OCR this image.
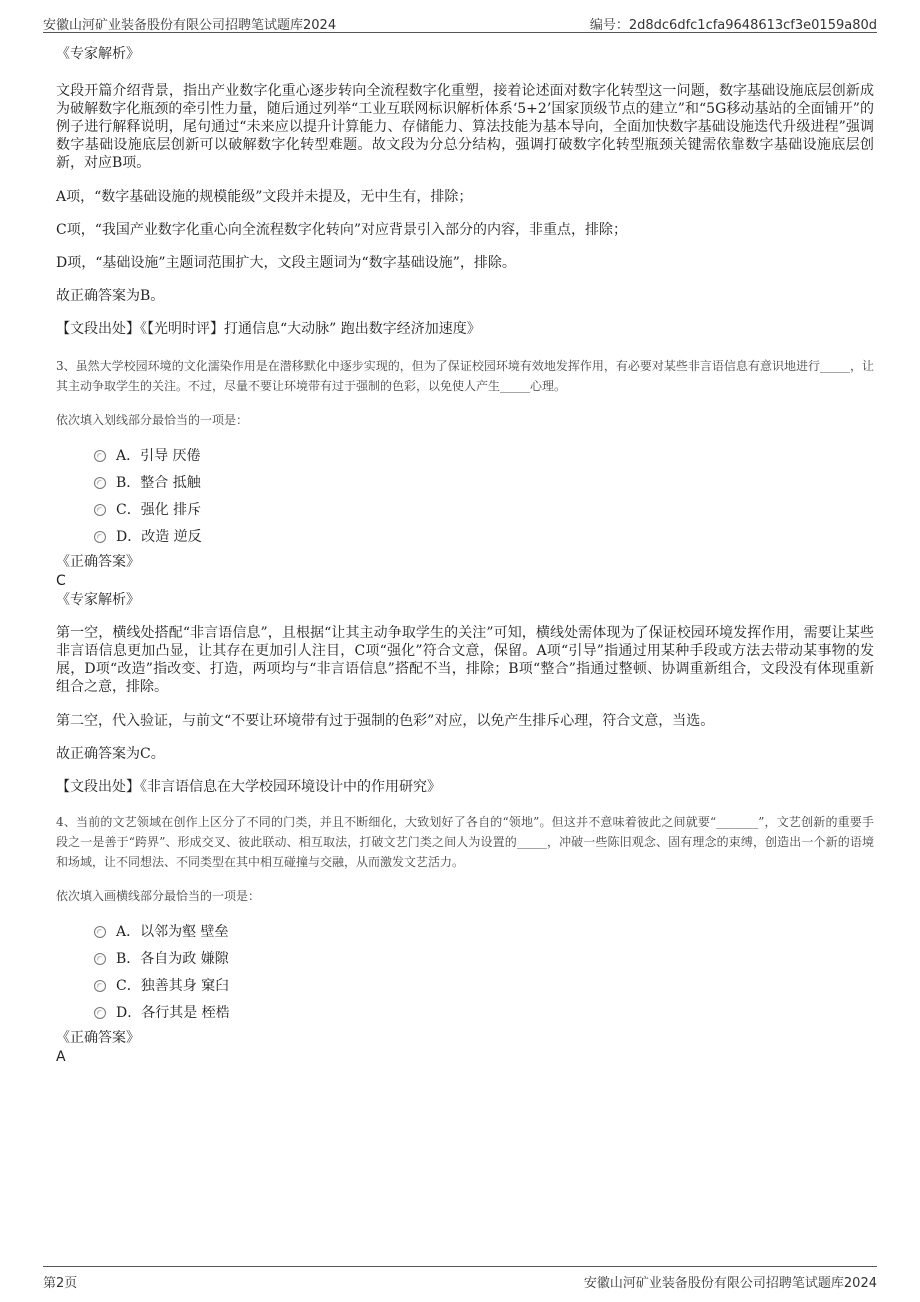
安徽山河矿业装备股份有限公司招聘笔试题库2024	编号：2d8dc6dfc1cfa9648613cf3e0159a80d

《专家解析》

文段开篇介绍背景，指出产业数字化重心逐步转向全流程数字化重塑，接着论述面对数字化转型这一问题，数字基础设施底层创新成为破解数字化瓶颈的牵引性力量，随后通过列举“工业互联网标识解析体系‘5+2’国家顶级节点的建立”和“5G移动基站的全面铺开”的例子进行解释说明，尾句通过“未来应以提升计算能力、存储能力、算法技能为基本导向，全面加快数字基础设施迭代升级进程”强调数字基础设施底层创新可以破解数字化转型难题。故文段为分总分结构，强调打破数字化转型瓶颈关键需依靠数字基础设施底层创新，对应B项。

A项，“数字基础设施的规模能级”文段并未提及，无中生有，排除；

C项，“我国产业数字化重心向全流程数字化转向”对应背景引入部分的内容，非重点，排除；

D项，“基础设施”主题词范围扩大，文段主题词为“数字基础设施”，排除。

故正确答案为B。

【文段出处】《【光明时评】打通信息“大动脉” 跑出数字经济加速度》

3、虽然大学校园环境的文化濡染作用是在潜移默化中逐步实现的，但为了保证校园环境有效地发挥作用，有必要对某些非言语信息有意识地进行_____，让其主动争取学生的关注。不过，尽量不要让环境带有过于强制的色彩，以免使人产生_____心理。

依次填入划线部分最恰当的一项是：

A．引导 厌倦
B．整合 抵触
C．强化 排斥
D．改造 逆反

《正确答案》

C

《专家解析》

第一空，横线处搭配“非言语信息”，且根据“让其主动争取学生的关注”可知，横线处需体现为了保证校园环境发挥作用，需要让某些非言语信息更加凸显，让其存在更加引人注目，C项“强化”符合文意，保留。A项“引导”指通过用某种手段或方法去带动某事物的发展，D项“改造”指改变、打造，两项均与“非言语信息”搭配不当，排除；B项“整合”指通过整顿、协调重新组合，文段没有体现重新组合之意，排除。

第二空，代入验证，与前文“不要让环境带有过于强制的色彩”对应，以免产生排斥心理，符合文意，当选。

故正确答案为C。

【文段出处】《非言语信息在大学校园环境设计中的作用研究》

4、当前的文艺领域在创作上区分了不同的门类，并且不断细化，大致划好了各自的“领地”。但这并不意味着彼此之间就要“_______”，文艺创新的重要手段之一是善于“跨界”、形成交叉、彼此联动、相互取法，打破文艺门类之间人为设置的_____，冲破一些陈旧观念、固有理念的束缚，创造出一个新的语境和场域，让不同想法、不同类型在其中相互碰撞与交融，从而激发文艺活力。

依次填入画横线部分最恰当的一项是：

A．以邻为壑 壁垒
B．各自为政 嫌隙
C．独善其身 窠臼
D．各行其是 桎梏

《正确答案》

A

第2页	安徽山河矿业装备股份有限公司招聘笔试题库2024
